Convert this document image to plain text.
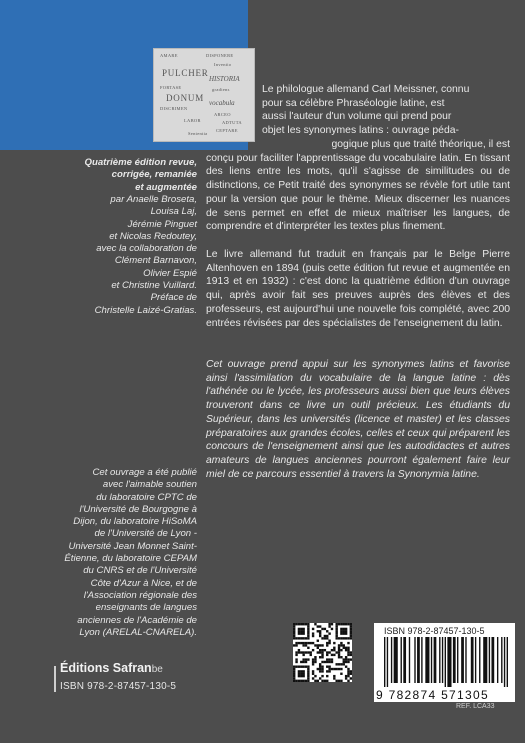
AMARE	DISPONERE
Inventio
PULCHER
HISTORIA
FORTASE	gradiens
DONUM vocabula
DISCRIMEN
ARCEO
LABOR	ADTUTA
CEPTARE
Sententia
Quatrième édition revue,
corrigée, remaniée
et augmentée
par Anaelle Broseta,
Louisa Laj,
Jérémie Pinguet
et Nicolas Redoutey,
avec la collaboration de
Clément Barnavon,
Olivier Espié
et Christine Vuillard.
Préface de
Christelle Laizé-Gratias.
Cet ouvrage a été publié
avec l'aimable soutien
du laboratoire CPTC de
l'Université de Bourgogne à
Dijon, du laboratoire HiSoMA
de l'Université de Lyon -
Université Jean Monnet Saint-
Étienne, du laboratoire CEPAM
du CNRS et de l'Université
Côte d'Azur à Nice, et de
l'Association régionale des
enseignants de langues
anciennes de l'Académie de
Lyon (ARELAL-CNARELA).
Le philologue allemand Carl Meissner, connu
pour sa célèbre Phraséologie latine, est
aussi l'auteur d'un volume qui prend pour
objet les synonymes latins : ouvrage péda-

gogique plus que traité théorique, il est
conçu pour faciliter l'apprentissage du vocabulaire latin. En tissant des liens entre les mots, qu'il s'agisse de similitudes ou de distinctions, ce Petit traité des synonymes se révèle fort utile tant pour la version que pour le thème. Mieux discerner les nuances de sens permet en effet de mieux maîtriser les langues, de comprendre et d'interpréter les textes plus finement.

Le livre allemand fut traduit en français par le Belge Pierre Altenhoven en 1894 (puis cette édition fut revue et augmentée en 1913 et en 1932) : c'est donc la quatrième édition d'un ouvrage qui, après avoir fait ses preuves auprès des élèves et des professeurs, est aujourd'hui une nouvelle fois complété, avec 200 entrées révisées par des spécialistes de l'enseignement du latin.

Cet ouvrage prend appui sur les synonymes latins et favorise ainsi l'assimilation du vocabulaire de la langue latine : dès l'athénée ou le lycée, les professeurs aussi bien que leurs élèves trouveront dans ce livre un outil précieux. Les étudiants du Supérieur, dans les universités (licence et master) et les classes préparatoires aux grandes écoles, celles et ceux qui préparent les concours de l'enseignement ainsi que les autodidactes et autres amateurs de langues anciennes pourront également faire leur miel de ce parcours essentiel à travers la Synonymia latine.

Éditions Safranbe
ISBN 978-2-87457-130-5
ISBN 978-2-87457-130-5
9 782874 571305
REF. LCA33
